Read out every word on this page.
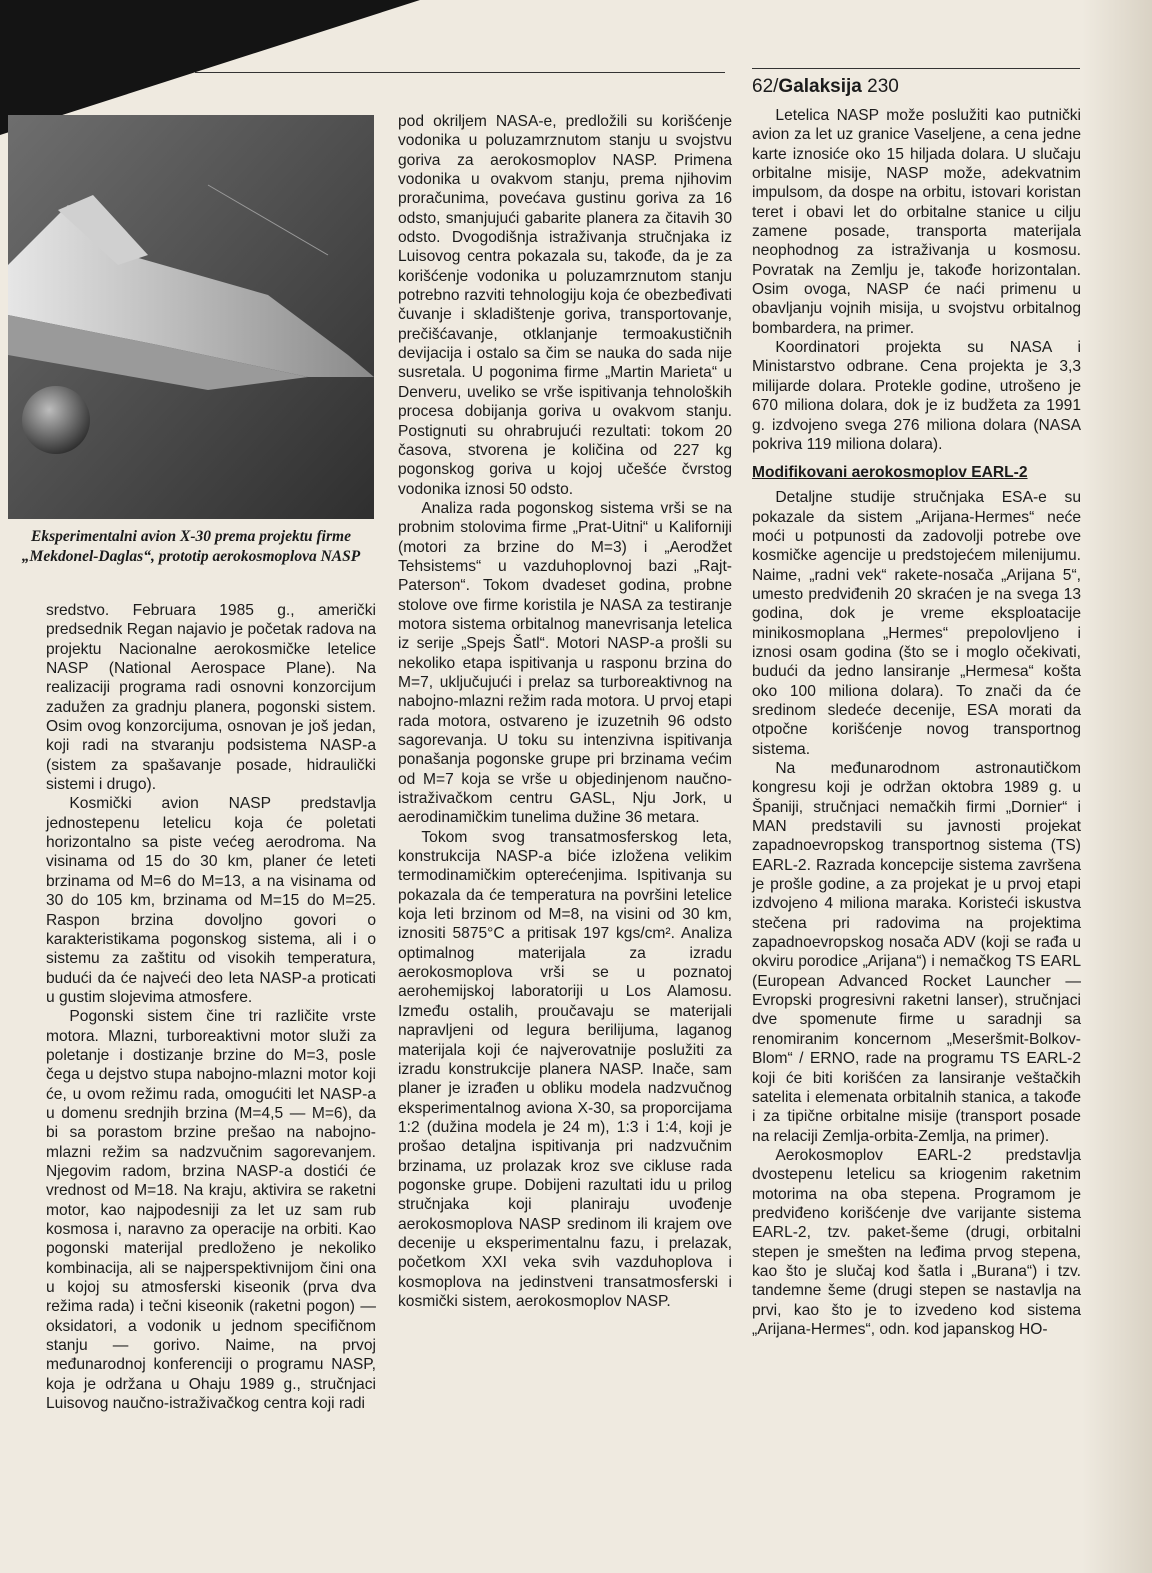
62/Galaksija 230
Eksperimentalni avion X-30 prema projektu firme „Mekdonel-Daglas“, prototip aerokosmoplova NASP

sredstvo. Februara 1985 g., američki predsednik Regan najavio je početak radova na projektu Nacionalne aerokosmičke letelice NASP (National Aerospace Plane). Na realizaciji programa radi osnovni konzorcijum zadužen za gradnju planera, pogonski sistem. Osim ovog konzorcijuma, osnovan je još jedan, koji radi na stvaranju podsistema NASP-a (sistem za spašavanje posade, hidraulički sistemi i drugo).

Kosmički avion NASP predstavlja jednostepenu letelicu koja će poletati horizontalno sa piste većeg aerodroma. Na visinama od 15 do 30 km, planer će leteti brzinama od M=6 do M=13, a na visinama od 30 do 105 km, brzinama od M=15 do M=25. Raspon brzina dovoljno govori o karakteristikama pogonskog sistema, ali i o sistemu za zaštitu od visokih temperatura, budući da će najveći deo leta NASP-a proticati u gustim slojevima atmosfere.

Pogonski sistem čine tri različite vrste motora. Mlazni, turboreaktivni motor služi za poletanje i dostizanje brzine do M=3, posle čega u dejstvo stupa nabojno-mlazni motor koji će, u ovom režimu rada, omogućiti let NASP-a u domenu srednjih brzina (M=4,5 — M=6), da bi sa porastom brzine prešao na nabojno-mlazni režim sa nadzvučnim sagorevanjem. Njegovim radom, brzina NASP-a dostići će vrednost od M=18. Na kraju, aktivira se raketni motor, kao najpodesniji za let uz sam rub kosmosa i, naravno za operacije na orbiti. Kao pogonski materijal predloženo je nekoliko kombinacija, ali se najperspektivnijom čini ona u kojoj su atmosferski kiseonik (prva dva režima rada) i tečni kiseonik (raketni pogon) — oksidatori, a vodonik u jednom specifičnom stanju — gorivo. Naime, na prvoj međunarodnoj konferenciji o programu NASP, koja je održana u Ohaju 1989 g., stručnjaci Luisovog naučno-istraživačkog centra koji radi

pod okriljem NASA-e, predložili su korišćenje vodonika u poluzamrznutom stanju u svojstvu goriva za aerokosmoplov NASP. Primena vodonika u ovakvom stanju, prema njihovim proračunima, povećava gustinu goriva za 16 odsto, smanjujući gabarite planera za čitavih 30 odsto. Dvogodišnja istraživanja stručnjaka iz Luisovog centra pokazala su, takođe, da je za korišćenje vodonika u poluzamrznutom stanju potrebno razviti tehnologiju koja će obezbeđivati čuvanje i skladištenje goriva, transportovanje, prečišćavanje, otklanjanje termoakustičnih devijacija i ostalo sa čim se nauka do sada nije susretala. U pogonima firme „Martin Marieta“ u Denveru, uveliko se vrše ispitivanja tehnoloških procesa dobijanja goriva u ovakvom stanju. Postignuti su ohrabrujući rezultati: tokom 20 časova, stvorena je količina od 227 kg pogonskog goriva u kojoj učešće čvrstog vodonika iznosi 50 odsto.

Analiza rada pogonskog sistema vrši se na probnim stolovima firme „Prat-Uitni“ u Kaliforniji (motori za brzine do M=3) i „Aerodžet Tehsistems“ u vazduhoplovnoj bazi „Rajt-Paterson“. Tokom dvadeset godina, probne stolove ove firme koristila je NASA za testiranje motora sistema orbitalnog manevrisanja letelica iz serije „Spejs Šatl“. Motori NASP-a prošli su nekoliko etapa ispitivanja u rasponu brzina do M=7, uključujući i prelaz sa turboreaktivnog na nabojno-mlazni režim rada motora. U prvoj etapi rada motora, ostvareno je izuzetnih 96 odsto sagorevanja. U toku su intenzivna ispitivanja ponašanja pogonske grupe pri brzinama većim od M=7 koja se vrše u objedinjenom naučno-istraživačkom centru GASL, Nju Jork, u aerodinamičkim tunelima dužine 36 metara.

Tokom svog transatmosferskog leta, konstrukcija NASP-a biće izložena velikim termodinamičkim opterećenjima. Ispitivanja su pokazala da će temperatura na površini letelice koja leti brzinom od M=8, na visini od 30 km, iznositi 5875°C a pritisak 197 kgs/cm². Analiza optimalnog materijala za izradu aerokosmoplova vrši se u poznatoj aerohemijskoj laboratoriji u Los Alamosu. Između ostalih, proučavaju se materijali napravljeni od legura berilijuma, laganog materijala koji će najverovatnije poslužiti za izradu konstrukcije planera NASP. Inače, sam planer je izrađen u obliku modela nadzvučnog eksperimentalnog aviona X-30, sa proporcijama 1:2 (dužina modela je 24 m), 1:3 i 1:4, koji je prošao detaljna ispitivanja pri nadzvučnim brzinama, uz prolazak kroz sve cikluse rada pogonske grupe. Dobijeni razultati idu u prilog stručnjaka koji planiraju uvođenje aerokosmoplova NASP sredinom ili krajem ove decenije u eksperimentalnu fazu, i prelazak, početkom XXI veka svih vazduhoplova i kosmoplova na jedinstveni transatmosferski i kosmički sistem, aerokosmoplov NASP.

Letelica NASP može poslužiti kao putnički avion za let uz granice Vaseljene, a cena jedne karte iznosiće oko 15 hiljada dolara. U slučaju orbitalne misije, NASP može, adekvatnim impulsom, da dospe na orbitu, istovari koristan teret i obavi let do orbitalne stanice u cilju zamene posade, transporta materijala neophodnog za istraživanja u kosmosu. Povratak na Zemlju je, takođe horizontalan. Osim ovoga, NASP će naći primenu u obavljanju vojnih misija, u svojstvu orbitalnog bombardera, na primer.

Koordinatori projekta su NASA i Ministarstvo odbrane. Cena projekta je 3,3 milijarde dolara. Protekle godine, utrošeno je 670 miliona dolara, dok je iz budžeta za 1991 g. izdvojeno svega 276 miliona dolara (NASA pokriva 119 miliona dolara).

Modifikovani aerokosmoplov EARL-2

Detaljne studije stručnjaka ESA-e su pokazale da sistem „Arijana-Hermes“ neće moći u potpunosti da zadovolji potrebe ove kosmičke agencije u predstojećem milenijumu. Naime, „radni vek“ rakete-nosača „Arijana 5“, umesto predviđenih 20 skraćen je na svega 13 godina, dok je vreme eksploatacije minikosmoplana „Hermes“ prepolovljeno i iznosi osam godina (što se i moglo očekivati, budući da jedno lansiranje „Hermesa“ košta oko 100 miliona dolara). To znači da će sredinom sledeće decenije, ESA morati da otpočne korišćenje novog transportnog sistema.

Na međunarodnom astronautičkom kongresu koji je održan oktobra 1989 g. u Španiji, stručnjaci nemačkih firmi „Dornier“ i MAN predstavili su javnosti projekat zapadnoevropskog transportnog sistema (TS) EARL-2. Razrada koncepcije sistema završena je prošle godine, a za projekat je u prvoj etapi izdvojeno 4 miliona maraka. Koristeći iskustva stečena pri radovima na projektima zapadnoevropskog nosača ADV (koji se rađa u okviru porodice „Arijana“) i nemačkog TS EARL (European Advanced Rocket Launcher — Evropski progresivni raketni lanser), stručnjaci dve spomenute firme u saradnji sa renomiranim koncernom „Meseršmit-Bolkov-Blom“ / ERNO, rade na programu TS EARL-2 koji će biti korišćen za lansiranje veštačkih satelita i elemenata orbitalnih stanica, a takođe i za tipične orbitalne misije (transport posade na relaciji Zemlja-orbita-Zemlja, na primer).

Aerokosmoplov EARL-2 predstavlja dvostepenu letelicu sa kriogenim raketnim motorima na oba stepena. Programom je predviđeno korišćenje dve varijante sistema EARL-2, tzv. paket-šeme (drugi, orbitalni stepen je smešten na leđima prvog stepena, kao što je slučaj kod šatla i „Burana“) i tzv. tandemne šeme (drugi stepen se nastavlja na prvi, kao što je to izvedeno kod sistema „Arijana-Hermes“, odn. kod japanskog HO-
